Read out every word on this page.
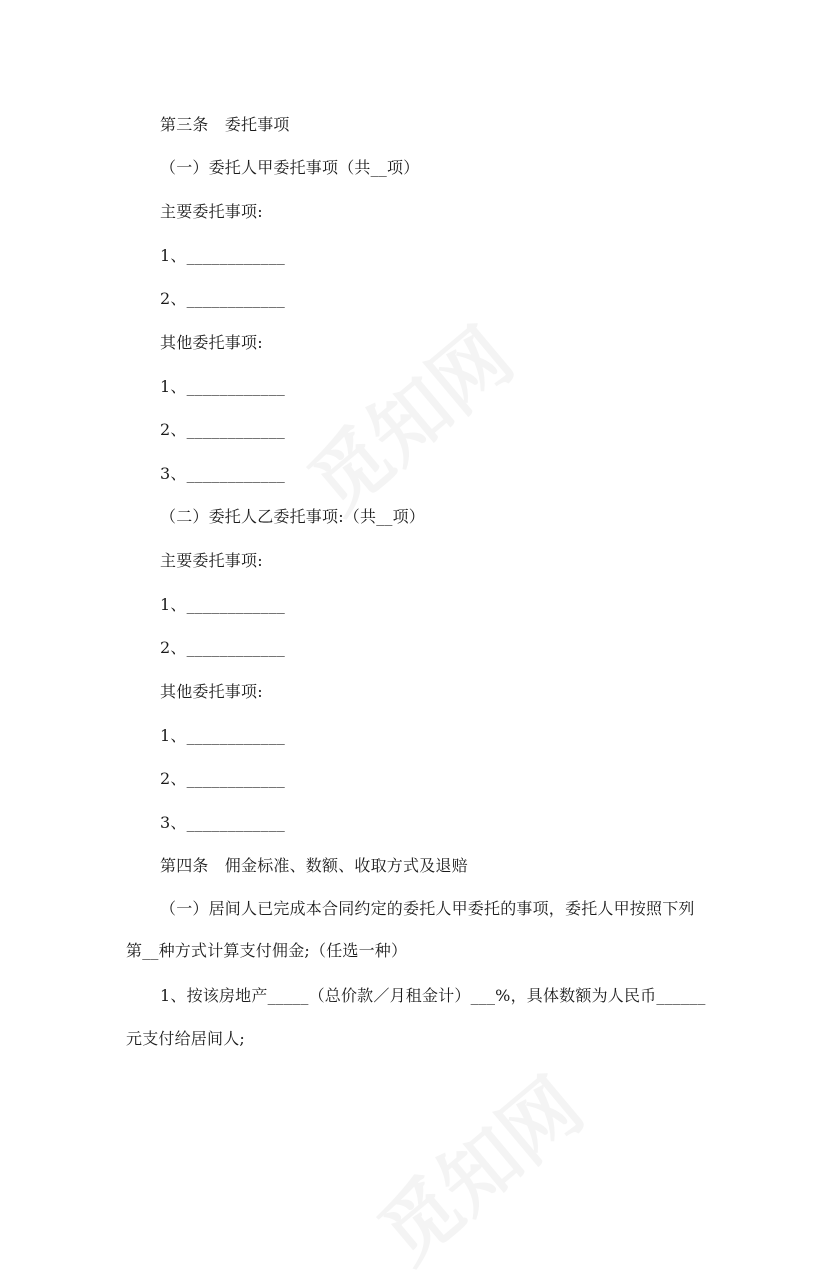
第三条　委托事项
（一）委托人甲委托事项（共__项）
主要委托事项:
1、____________
2、____________
其他委托事项:
1、____________
2、____________
3、____________
（二）委托人乙委托事项:（共__项）
主要委托事项:
1、____________
2、____________
其他委托事项:
1、____________
2、____________
3、____________
第四条　佣金标准、数额、收取方式及退赔
（一）居间人已完成本合同约定的委托人甲委托的事项，委托人甲按照下列
第__种方式计算支付佣金;（任选一种）
1、按该房地产_____（总价款／月租金计）___%，具体数额为人民币______
元支付给居间人;
